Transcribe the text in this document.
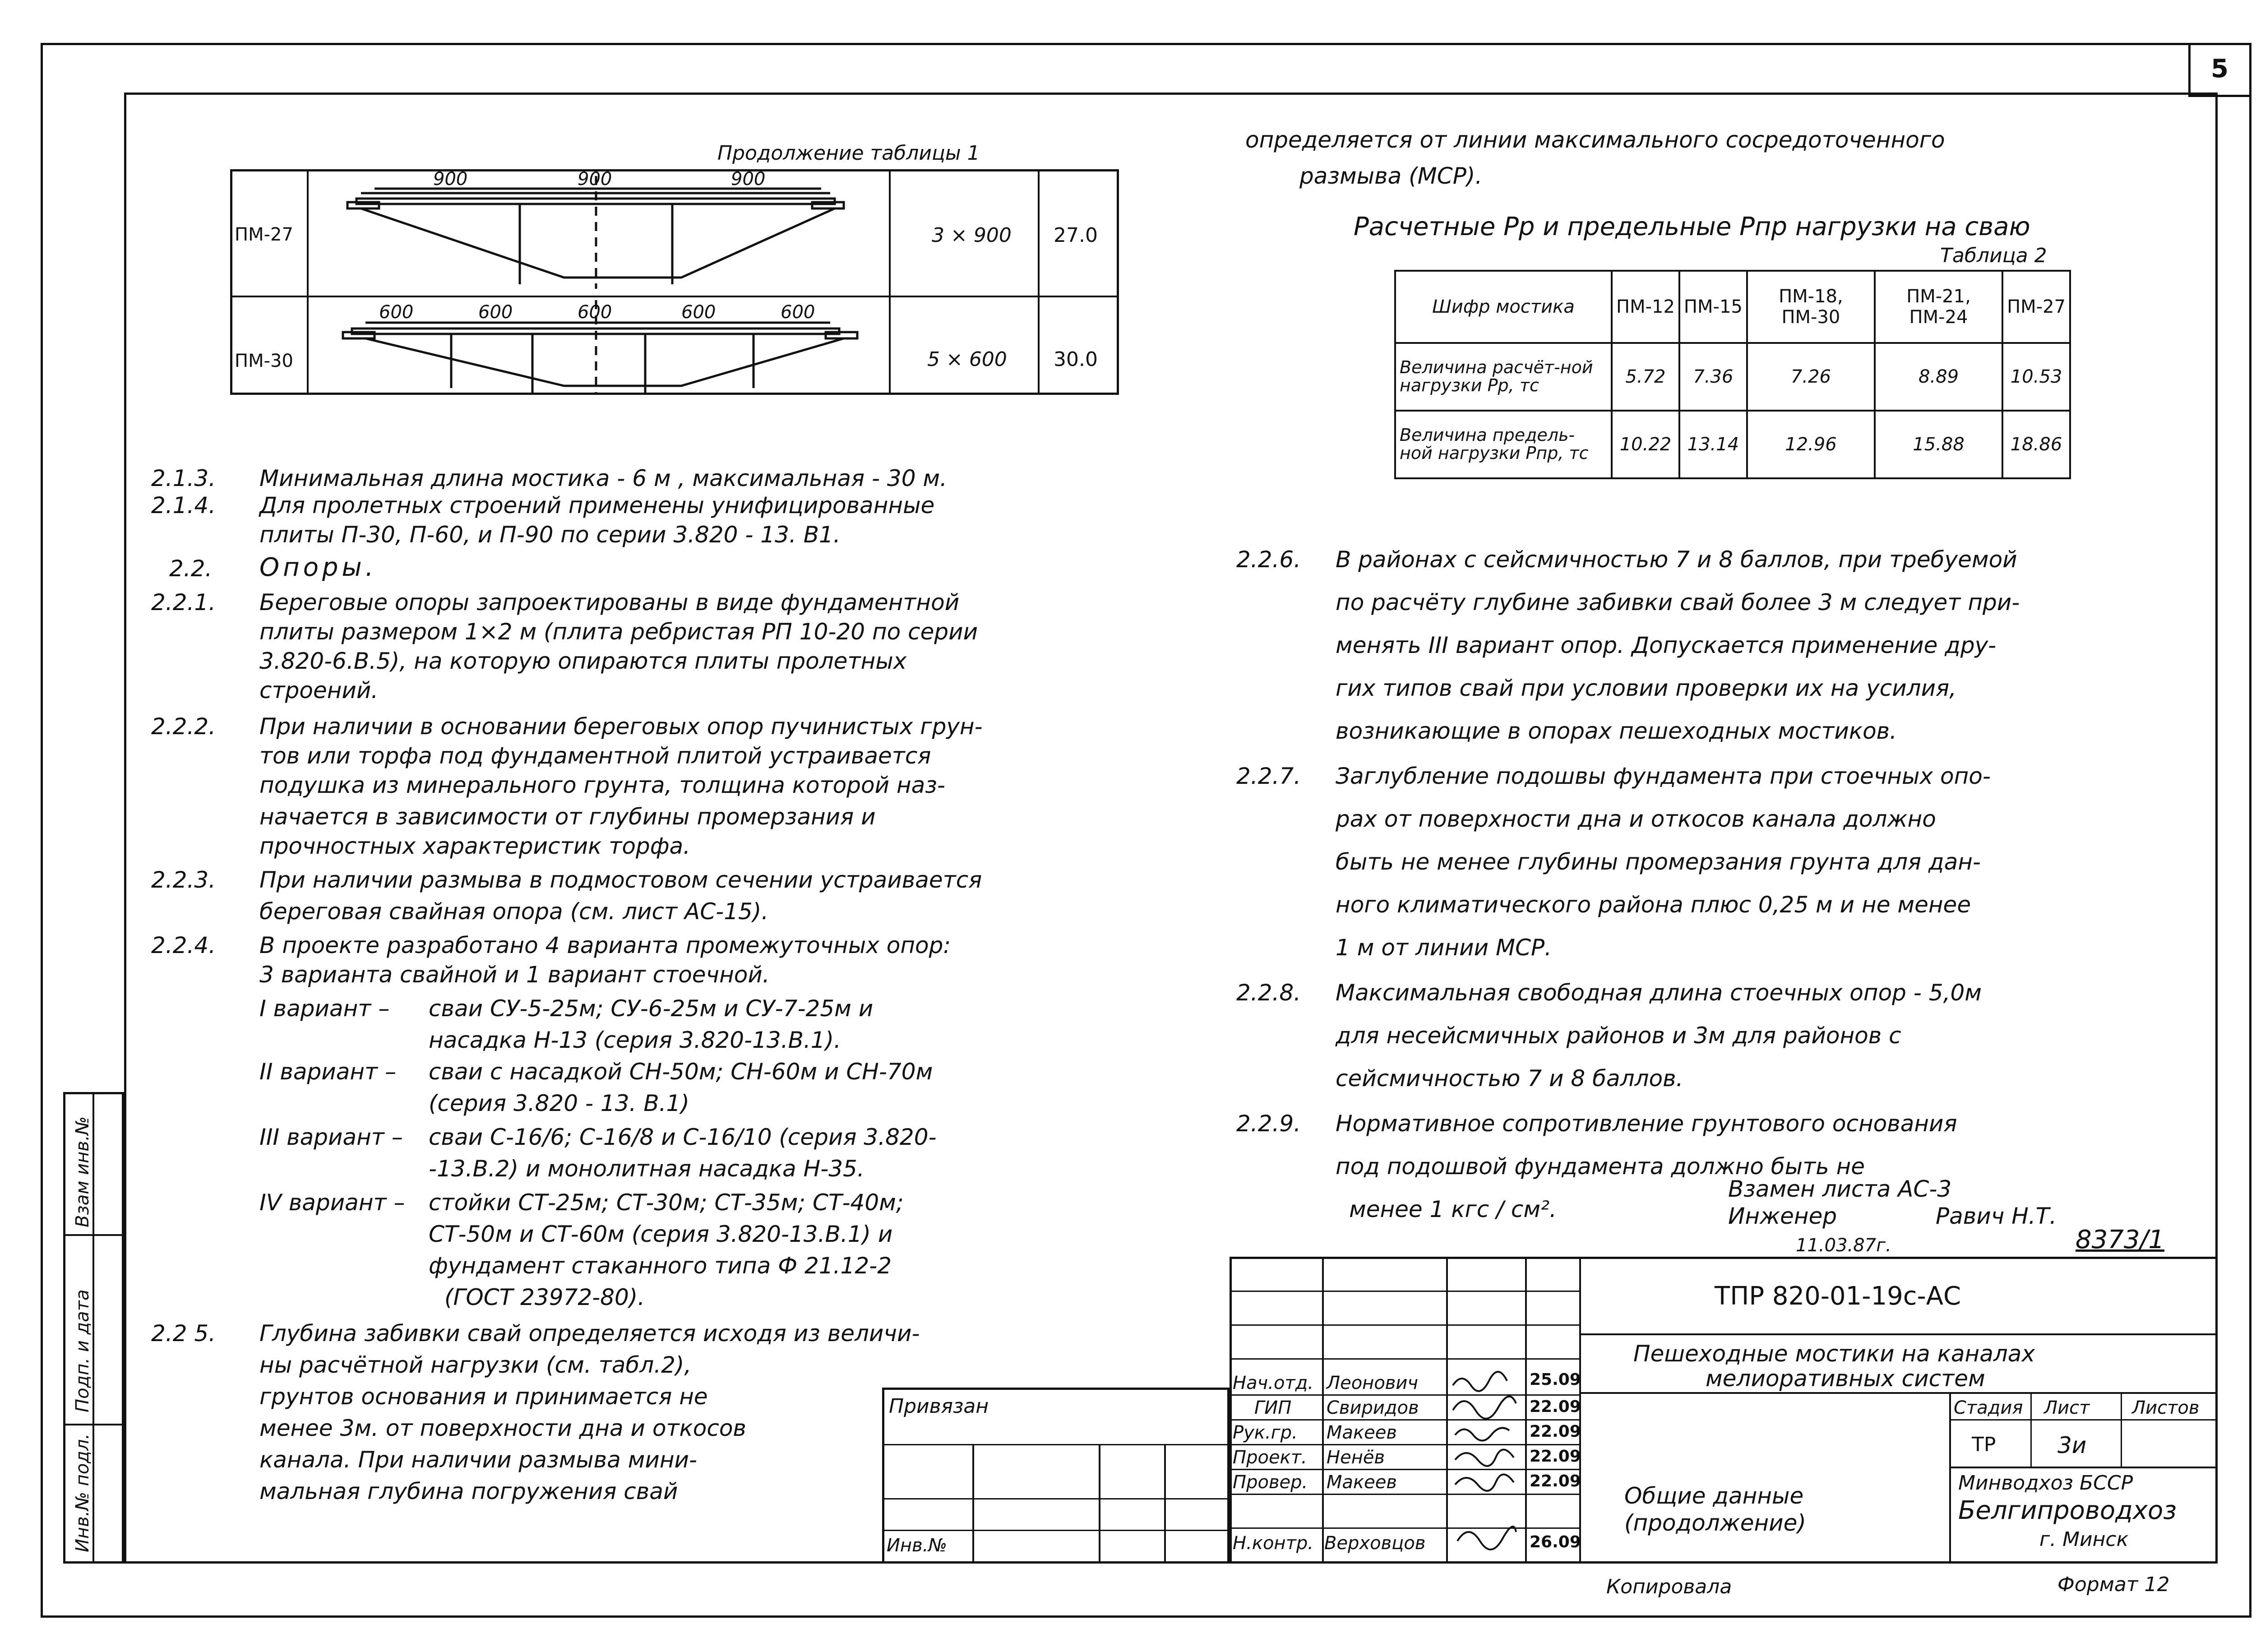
5
Инв.№ подл.
Подп. и дата
Взам инв.№
Продолжение таблицы 1
ПМ-27	3 × 900 27.0
ПМ-30	5 × 600 30.0
900	900	900
600	600	600	600	600
2.1.3. Минимальная длина мостика - 6 м , максимальная - 30 м.
2.1.4. Для пролетных строений применены унифицированные
плиты П-30, П-60, и П-90 по серии 3.820 - 13. В1.
2.2. Опоры.
2.2.1. Береговые опоры запроектированы в виде фундаментной
плиты размером 1×2 м (плита ребристая РП 10-20 по серии
3.820-6.В.5), на которую опираются плиты пролетных
строений.
2.2.2. При наличии в основании береговых опор пучинистых грун-
тов или торфа под фундаментной плитой устраивается
подушка из минерального грунта, толщина которой наз-
начается в зависимости от глубины промерзания и
прочностных характеристик торфа.
2.2.3. При наличии размыва в подмостовом сечении устраивается
береговая свайная опора (см. лист АС-15).
2.2.4. В проекте разработано 4 варианта промежуточных опор:
3 варианта свайной и 1 вариант стоечной.
I вариант – сваи СУ-5-25м; СУ-6-25м и СУ-7-25м и
насадка Н-13 (серия 3.820-13.В.1).
II вариант – сваи с насадкой СН-50м; СН-60м и СН-70м
(серия 3.820 - 13. В.1)
III вариант – сваи С-16/6; С-16/8 и С-16/10 (серия 3.820-
-13.В.2) и монолитная насадка Н-35.
IV вариант – стойки СТ-25м; СТ-30м; СТ-35м; СТ-40м;
СТ-50м и СТ-60м (серия 3.820-13.В.1) и
фундамент стаканного типа Ф 21.12-2
(ГОСТ 23972-80).
2.2 5. Глубина забивки свай определяется исходя из величи-
ны расчётной нагрузки (см. табл.2),
грунтов основания и принимается не
менее 3м. от поверхности дна и откосов
канала. При наличии размыва мини-
мальная глубина погружения свай
определяется от линии максимального сосредоточенного
размыва (МСР).
Расчетные Рр и предельные Рпр нагрузки на сваю
Таблица 2
Шифр мостика	ПМ-12	ПМ-15	ПМ-18, ПМ-30	ПМ-21, ПМ-24	ПМ-27
Величина расчёт-ной нагрузки Рр, тс	5.72	7.36	7.26	8.89	10.53
Величина предель-ной нагрузки Рпр, тс	10.22	13.14	12.96	15.88	18.86
2.2.6. В районах с сейсмичностью 7 и 8 баллов, при требуемой
по расчёту глубине забивки свай более 3 м следует при-
менять III вариант опор. Допускается применение дру-
гих типов свай при условии проверки их на усилия,
возникающие в опорах пешеходных мостиков.
2.2.7. Заглубление подошвы фундамента при стоечных опо-
рах от поверхности дна и откосов канала должно
быть не менее глубины промерзания грунта для дан-
ного климатического района плюс 0,25 м и не менее
1 м от линии МСР.
2.2.8. Максимальная свободная длина стоечных опор - 5,0м
для несейсмичных районов и 3м для районов с
сейсмичностью 7 и 8 баллов.
2.2.9. Нормативное сопротивление грунтового основания
под подошвой фундамента должно быть не
менее 1 кгс / см².
Взамен листа АС-3
Инженер	Равич Н.Т.
11.03.87г.	8373/1
ТПР 820-01-19с-АС
Пешеходные мостики на каналах
мелиоративных систем
Общие данные
(продолжение)
Стадия Лист Листов
ТР	3и
Минводхоз БССР
Белгипроводхоз
г. Минск
Нач.отд. Леонович	25.09
ГИП Свиридов	22.09
Рук.гр. Макеев	22.09
Проект. Ненёв	22.09
Провер. Макеев	22.09
Н.контр. Верховцов	26.09
Привязан
Инв.№
Копировала	Формат 12
